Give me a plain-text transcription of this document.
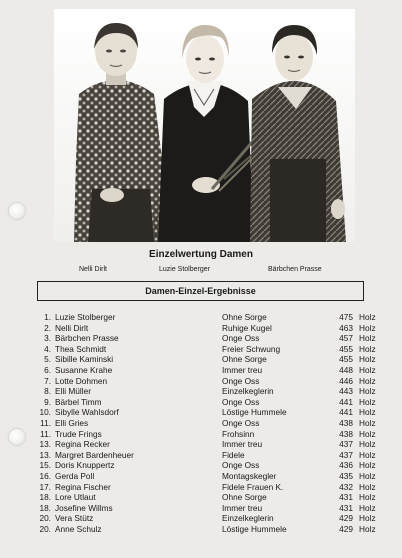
Einzelwertung Damen
Nelli Dirlt	Luzie Stolberger	Bärbchen Prasse
Damen-Einzel-Ergebnisse
1. Luzie Stolberger	Ohne Sorge	475 Holz
2. Nelli Dirlt	Ruhige Kugel	463 Holz
3. Bärbchen Prasse	Onge Oss	457 Holz
4. Thea Schmidt	Freier Schwung	455 Holz
5. Sibille Kaminski	Ohne Sorge	455 Holz
6. Susanne Krahe	Immer treu	448 Holz
7. Lotte Dohmen	Onge Oss	446 Holz
8. Elli Müller	Einzelkeglerin	443 Holz
9. Bärbel Timm	Onge Oss	441 Holz
10. Sibylle Wahlsdorf	Löstige Hummele	441 Holz
11. Elli Gries	Onge Oss	438 Holz
11. Trude Frings	Frohsinn	438 Holz
13. Regina Recker	Immer treu	437 Holz
13. Margret Bardenheuer	Fidele	437 Holz
15. Doris Knuppertz	Onge Oss	436 Holz
16. Gerda Poll	Montagskegler	435 Holz
17. Regina Fischer	Fidele Frauen K.	432 Holz
18. Lore Utlaut	Ohne Sorge	431 Holz
18. Josefine Willms	Immer treu	431 Holz
20. Vera Stütz	Einzelkeglerin	429 Holz
20. Anne Schulz	Löstige Hummele	429 Holz
